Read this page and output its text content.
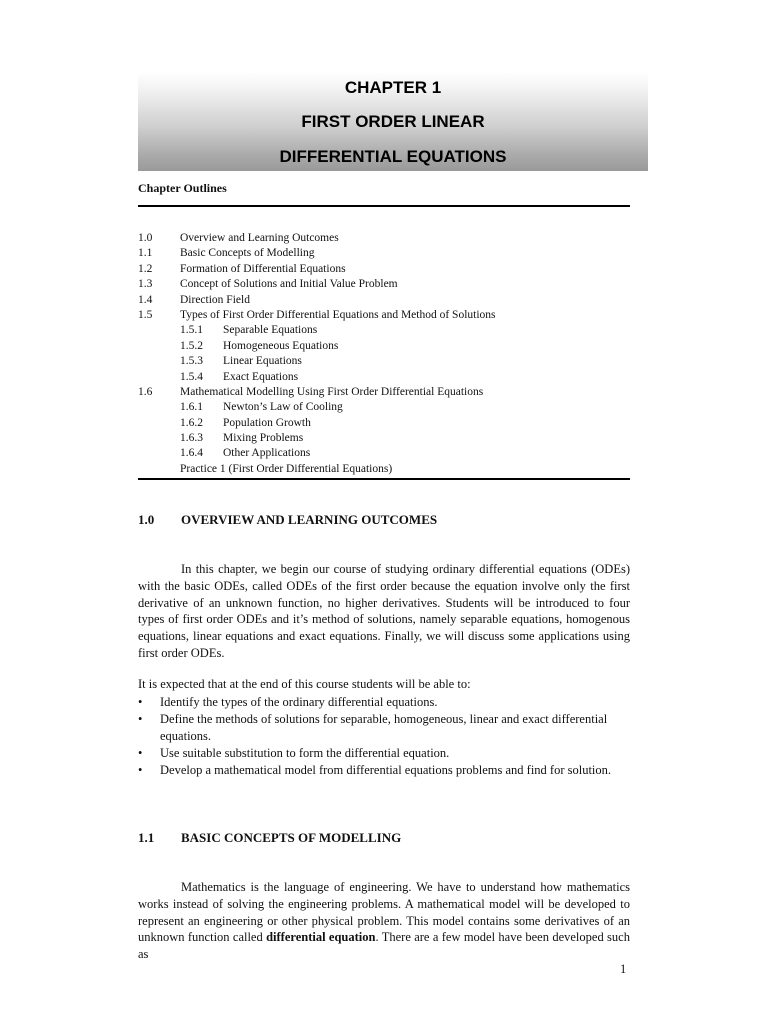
CHAPTER 1
FIRST ORDER LINEAR
DIFFERENTIAL EQUATIONS
Chapter Outlines
1.0 Overview and Learning Outcomes
1.1 Basic Concepts of Modelling
1.2 Formation of Differential Equations
1.3 Concept of Solutions and Initial Value Problem
1.4 Direction Field
1.5 Types of First Order Differential Equations and Method of Solutions
1.5.1 Separable Equations
1.5.2 Homogeneous Equations
1.5.3 Linear Equations
1.5.4 Exact Equations
1.6 Mathematical Modelling Using First Order Differential Equations
1.6.1 Newton’s Law of Cooling
1.6.2 Population Growth
1.6.3 Mixing Problems
1.6.4 Other Applications
Practice 1 (First Order Differential Equations)
1.0 OVERVIEW AND LEARNING OUTCOMES

In this chapter, we begin our course of studying ordinary differential equations (ODEs) with the basic ODEs, called ODEs of the first order because the equation involve only the first derivative of an unknown function, no higher derivatives. Students will be introduced to four types of first order ODEs and it’s method of solutions, namely separable equations, homogenous equations, linear equations and exact equations. Finally, we will discuss some applications using first order ODEs.

It is expected that at the end of this course students will be able to:
• Identify the types of the ordinary differential equations.
• Define the methods of solutions for separable, homogeneous, linear and exact differential equations.
• Use suitable substitution to form the differential equation.
• Develop a mathematical model from differential equations problems and find for solution.
1.1 BASIC CONCEPTS OF MODELLING

Mathematics is the language of engineering. We have to understand how mathematics works instead of solving the engineering problems. A mathematical model will be developed to represent an engineering or other physical problem. This model contains some derivatives of an unknown function called differential equation. There are a few model have been developed such as

1
